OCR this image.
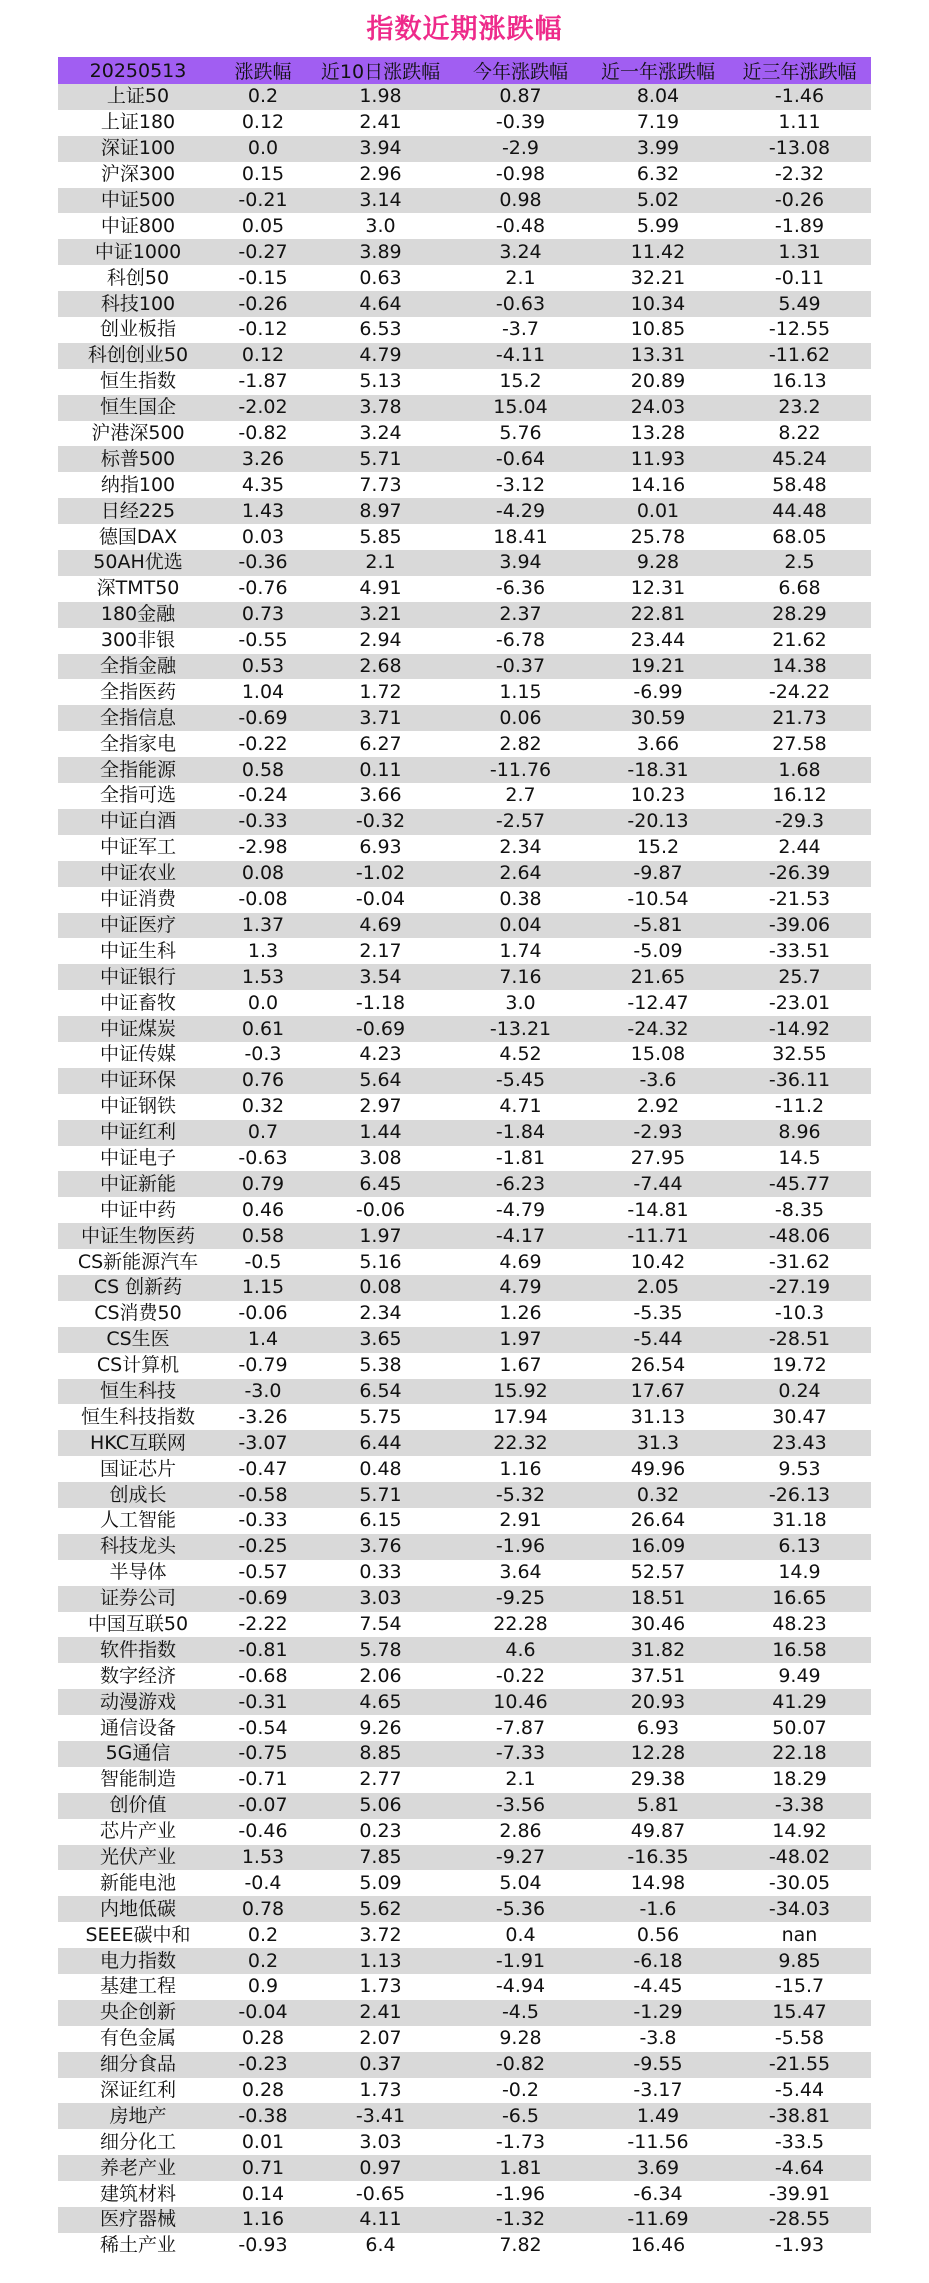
指数近期涨跌幅
20250513	涨跌幅	近10日涨跌幅	今年涨跌幅	近一年涨跌幅	近三年涨跌幅
上证50	0.2	1.98	0.87	8.04	-1.46
上证180	0.12	2.41	-0.39	7.19	1.11
深证100	0.0	3.94	-2.9	3.99	-13.08
沪深300	0.15	2.96	-0.98	6.32	-2.32
中证500	-0.21	3.14	0.98	5.02	-0.26
中证800	0.05	3.0	-0.48	5.99	-1.89
中证1000	-0.27	3.89	3.24	11.42	1.31
科创50	-0.15	0.63	2.1	32.21	-0.11
科技100	-0.26	4.64	-0.63	10.34	5.49
创业板指	-0.12	6.53	-3.7	10.85	-12.55
科创创业50	0.12	4.79	-4.11	13.31	-11.62
恒生指数	-1.87	5.13	15.2	20.89	16.13
恒生国企	-2.02	3.78	15.04	24.03	23.2
沪港深500	-0.82	3.24	5.76	13.28	8.22
标普500	3.26	5.71	-0.64	11.93	45.24
纳指100	4.35	7.73	-3.12	14.16	58.48
日经225	1.43	8.97	-4.29	0.01	44.48
德国DAX	0.03	5.85	18.41	25.78	68.05
50AH优选	-0.36	2.1	3.94	9.28	2.5
深TMT50	-0.76	4.91	-6.36	12.31	6.68
180金融	0.73	3.21	2.37	22.81	28.29
300非银	-0.55	2.94	-6.78	23.44	21.62
全指金融	0.53	2.68	-0.37	19.21	14.38
全指医药	1.04	1.72	1.15	-6.99	-24.22
全指信息	-0.69	3.71	0.06	30.59	21.73
全指家电	-0.22	6.27	2.82	3.66	27.58
全指能源	0.58	0.11	-11.76	-18.31	1.68
全指可选	-0.24	3.66	2.7	10.23	16.12
中证白酒	-0.33	-0.32	-2.57	-20.13	-29.3
中证军工	-2.98	6.93	2.34	15.2	2.44
中证农业	0.08	-1.02	2.64	-9.87	-26.39
中证消费	-0.08	-0.04	0.38	-10.54	-21.53
中证医疗	1.37	4.69	0.04	-5.81	-39.06
中证生科	1.3	2.17	1.74	-5.09	-33.51
中证银行	1.53	3.54	7.16	21.65	25.7
中证畜牧	0.0	-1.18	3.0	-12.47	-23.01
中证煤炭	0.61	-0.69	-13.21	-24.32	-14.92
中证传媒	-0.3	4.23	4.52	15.08	32.55
中证环保	0.76	5.64	-5.45	-3.6	-36.11
中证钢铁	0.32	2.97	4.71	2.92	-11.2
中证红利	0.7	1.44	-1.84	-2.93	8.96
中证电子	-0.63	3.08	-1.81	27.95	14.5
中证新能	0.79	6.45	-6.23	-7.44	-45.77
中证中药	0.46	-0.06	-4.79	-14.81	-8.35
中证生物医药	0.58	1.97	-4.17	-11.71	-48.06
CS新能源汽车	-0.5	5.16	4.69	10.42	-31.62
CS 创新药	1.15	0.08	4.79	2.05	-27.19
CS消费50	-0.06	2.34	1.26	-5.35	-10.3
CS生医	1.4	3.65	1.97	-5.44	-28.51
CS计算机	-0.79	5.38	1.67	26.54	19.72
恒生科技	-3.0	6.54	15.92	17.67	0.24
恒生科技指数	-3.26	5.75	17.94	31.13	30.47
HKC互联网	-3.07	6.44	22.32	31.3	23.43
国证芯片	-0.47	0.48	1.16	49.96	9.53
创成长	-0.58	5.71	-5.32	0.32	-26.13
人工智能	-0.33	6.15	2.91	26.64	31.18
科技龙头	-0.25	3.76	-1.96	16.09	6.13
半导体	-0.57	0.33	3.64	52.57	14.9
证券公司	-0.69	3.03	-9.25	18.51	16.65
中国互联50	-2.22	7.54	22.28	30.46	48.23
软件指数	-0.81	5.78	4.6	31.82	16.58
数字经济	-0.68	2.06	-0.22	37.51	9.49
动漫游戏	-0.31	4.65	10.46	20.93	41.29
通信设备	-0.54	9.26	-7.87	6.93	50.07
5G通信	-0.75	8.85	-7.33	12.28	22.18
智能制造	-0.71	2.77	2.1	29.38	18.29
创价值	-0.07	5.06	-3.56	5.81	-3.38
芯片产业	-0.46	0.23	2.86	49.87	14.92
光伏产业	1.53	7.85	-9.27	-16.35	-48.02
新能电池	-0.4	5.09	5.04	14.98	-30.05
内地低碳	0.78	5.62	-5.36	-1.6	-34.03
SEEE碳中和	0.2	3.72	0.4	0.56	nan
电力指数	0.2	1.13	-1.91	-6.18	9.85
基建工程	0.9	1.73	-4.94	-4.45	-15.7
央企创新	-0.04	2.41	-4.5	-1.29	15.47
有色金属	0.28	2.07	9.28	-3.8	-5.58
细分食品	-0.23	0.37	-0.82	-9.55	-21.55
深证红利	0.28	1.73	-0.2	-3.17	-5.44
房地产	-0.38	-3.41	-6.5	1.49	-38.81
细分化工	0.01	3.03	-1.73	-11.56	-33.5
养老产业	0.71	0.97	1.81	3.69	-4.64
建筑材料	0.14	-0.65	-1.96	-6.34	-39.91
医疗器械	1.16	4.11	-1.32	-11.69	-28.55
稀土产业	-0.93	6.4	7.82	16.46	-1.93
